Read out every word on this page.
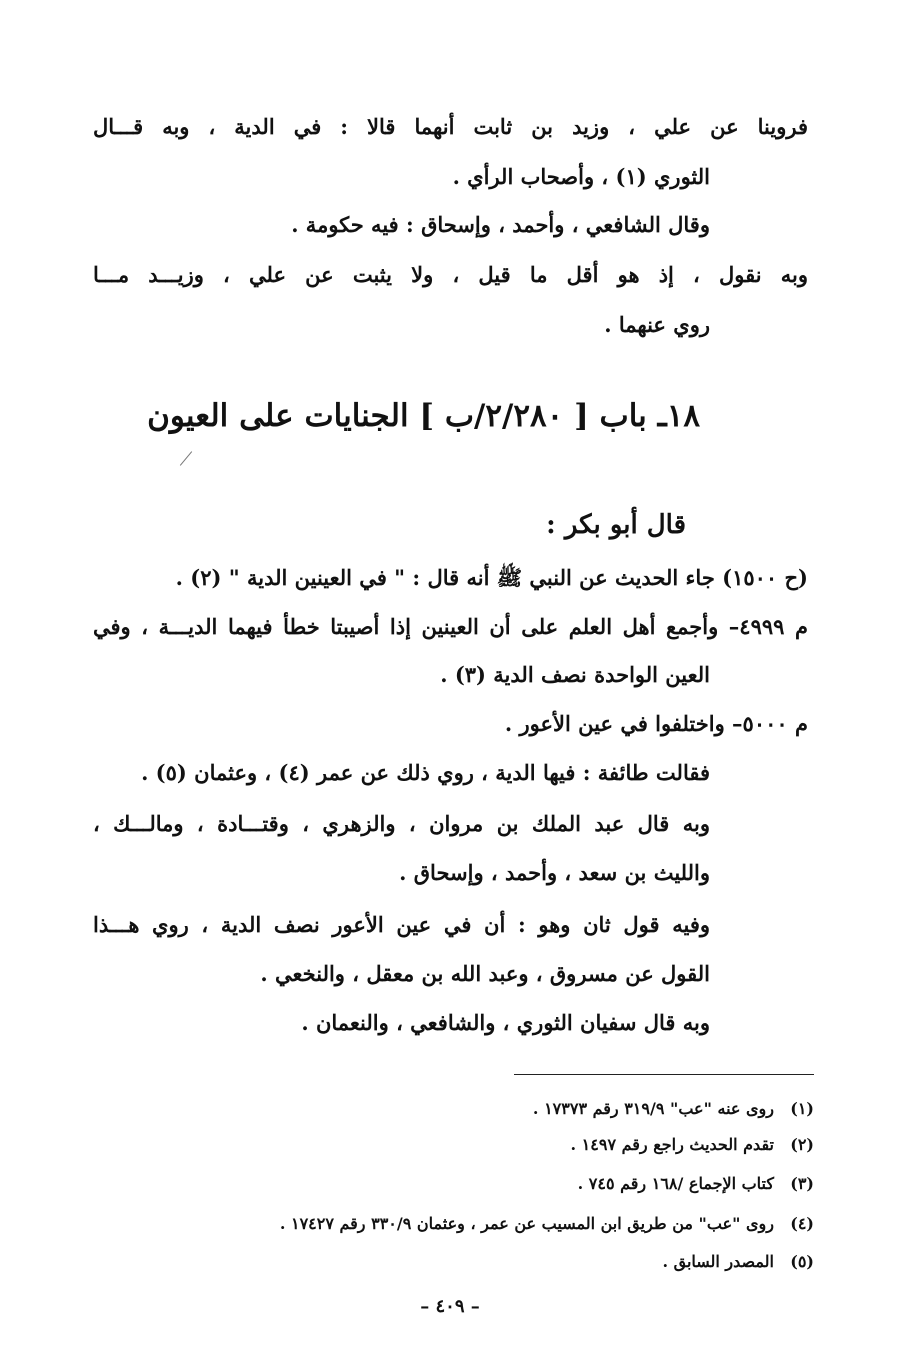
فروينا عن علي ، وزيد بن ثابت أنهما قالا : في الدية ، وبه قـــال
الثوري (١) ، وأصحاب الرأي .
وقال الشافعي ، وأحمد ، وإسحاق : فيه حكومة .
وبه نقول ، إذ هو أقل ما قيل ، ولا يثبت عن علي ، وزيـــد مـــا
روي عنهما .
١٨ـ باب [ ٢/٢٨٠/ب ] الجنايات على العيون
قال أبو بكر :
(ح ١٥٠٠) جاء الحديث عن النبي ﷺ أنه قال : " في العينين الدية " (٢) .
م ٤٩٩٩– وأجمع أهل العلم على أن العينين إذا أصيبتا خطأ فيهما الديـــة ، وفي
العين الواحدة نصف الدية (٣) .
م ٥٠٠٠– واختلفوا في عين الأعور .
فقالت طائفة : فيها الدية ، روي ذلك عن عمر (٤) ، وعثمان (٥) .
وبه قال عبد الملك بن مروان ، والزهري ، وقتـــادة ، ومالـــك ،
والليث بن سعد ، وأحمد ، وإسحاق .
وفيه قول ثان وهو : أن في عين الأعور نصف الدية ، روي هـــذا
القول عن مسروق ، وعبد الله بن معقل ، والنخعي .
وبه قال سفيان الثوري ، والشافعي ، والنعمان .
(١)روى عنه "عب" ٣١٩/٩ رقم ١٧٣٧٣ .
(٢)تقدم الحديث راجع رقم ١٤٩٧ .
(٣)كتاب الإجماع /١٦٨ رقم ٧٤٥ .
(٤)روى "عب" من طريق ابن المسيب عن عمر ، وعثمان ٣٣٠/٩ رقم ١٧٤٢٧ .
(٥)المصدر السابق .
– ٤٠٩ –
